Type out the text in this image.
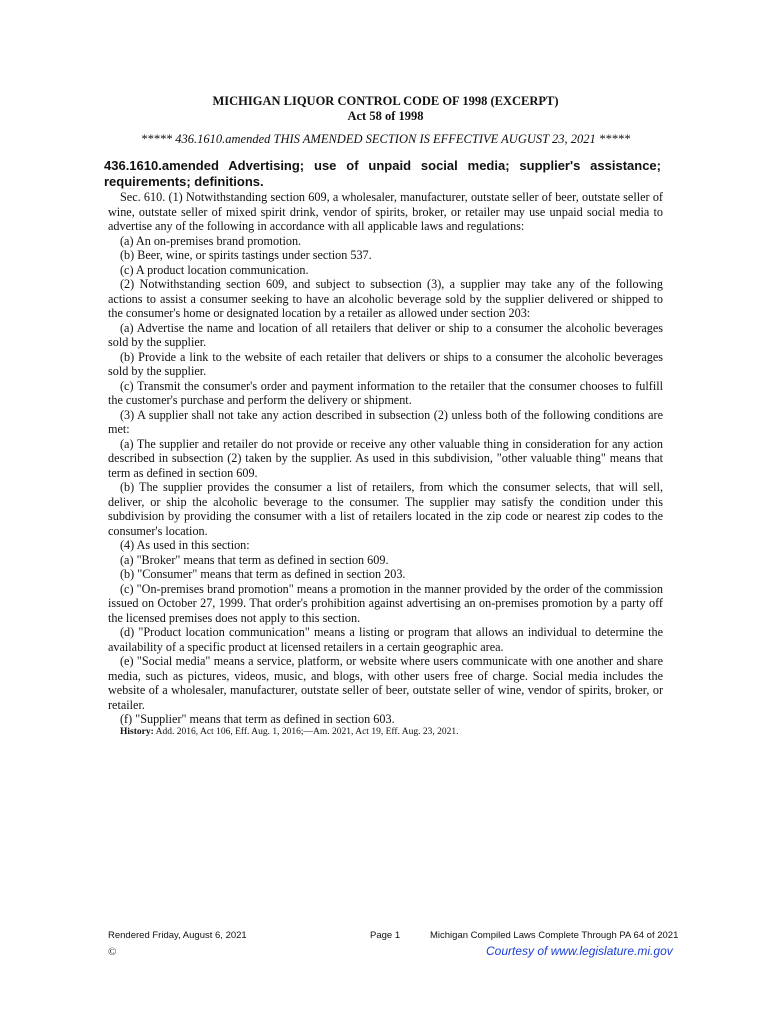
MICHIGAN LIQUOR CONTROL CODE OF 1998 (EXCERPT)
Act 58 of 1998
***** 436.1610.amended THIS AMENDED SECTION IS EFFECTIVE AUGUST 23, 2021 *****
436.1610.amended Advertising; use of unpaid social media; supplier's assistance; requirements; definitions.

Sec. 610. (1) Notwithstanding section 609, a wholesaler, manufacturer, outstate seller of beer, outstate seller of wine, outstate seller of mixed spirit drink, vendor of spirits, broker, or retailer may use unpaid social media to advertise any of the following in accordance with all applicable laws and regulations:

(a) An on-premises brand promotion.

(b) Beer, wine, or spirits tastings under section 537.

(c) A product location communication.

(2) Notwithstanding section 609, and subject to subsection (3), a supplier may take any of the following actions to assist a consumer seeking to have an alcoholic beverage sold by the supplier delivered or shipped to the consumer's home or designated location by a retailer as allowed under section 203:

(a) Advertise the name and location of all retailers that deliver or ship to a consumer the alcoholic beverages sold by the supplier.

(b) Provide a link to the website of each retailer that delivers or ships to a consumer the alcoholic beverages sold by the supplier.

(c) Transmit the consumer's order and payment information to the retailer that the consumer chooses to fulfill the customer's purchase and perform the delivery or shipment.

(3) A supplier shall not take any action described in subsection (2) unless both of the following conditions are met:

(a) The supplier and retailer do not provide or receive any other valuable thing in consideration for any action described in subsection (2) taken by the supplier. As used in this subdivision, "other valuable thing" means that term as defined in section 609.

(b) The supplier provides the consumer a list of retailers, from which the consumer selects, that will sell, deliver, or ship the alcoholic beverage to the consumer. The supplier may satisfy the condition under this subdivision by providing the consumer with a list of retailers located in the zip code or nearest zip codes to the consumer's location.

(4) As used in this section:

(a) "Broker" means that term as defined in section 609.

(b) "Consumer" means that term as defined in section 203.

(c) "On-premises brand promotion" means a promotion in the manner provided by the order of the commission issued on October 27, 1999. That order's prohibition against advertising an on-premises promotion by a party off the licensed premises does not apply to this section.

(d) "Product location communication" means a listing or program that allows an individual to determine the availability of a specific product at licensed retailers in a certain geographic area.

(e) "Social media" means a service, platform, or website where users communicate with one another and share media, such as pictures, videos, music, and blogs, with other users free of charge. Social media includes the website of a wholesaler, manufacturer, outstate seller of beer, outstate seller of wine, vendor of spirits, broker, or retailer.

(f) "Supplier" means that term as defined in section 603.

History: Add. 2016, Act 106, Eff. Aug. 1, 2016;—Am. 2021, Act 19, Eff. Aug. 23, 2021.
Rendered Friday, August 6, 2021	Page 1	Michigan Compiled Laws Complete Through PA 64 of 2021
©	Courtesy of www.legislature.mi.gov
